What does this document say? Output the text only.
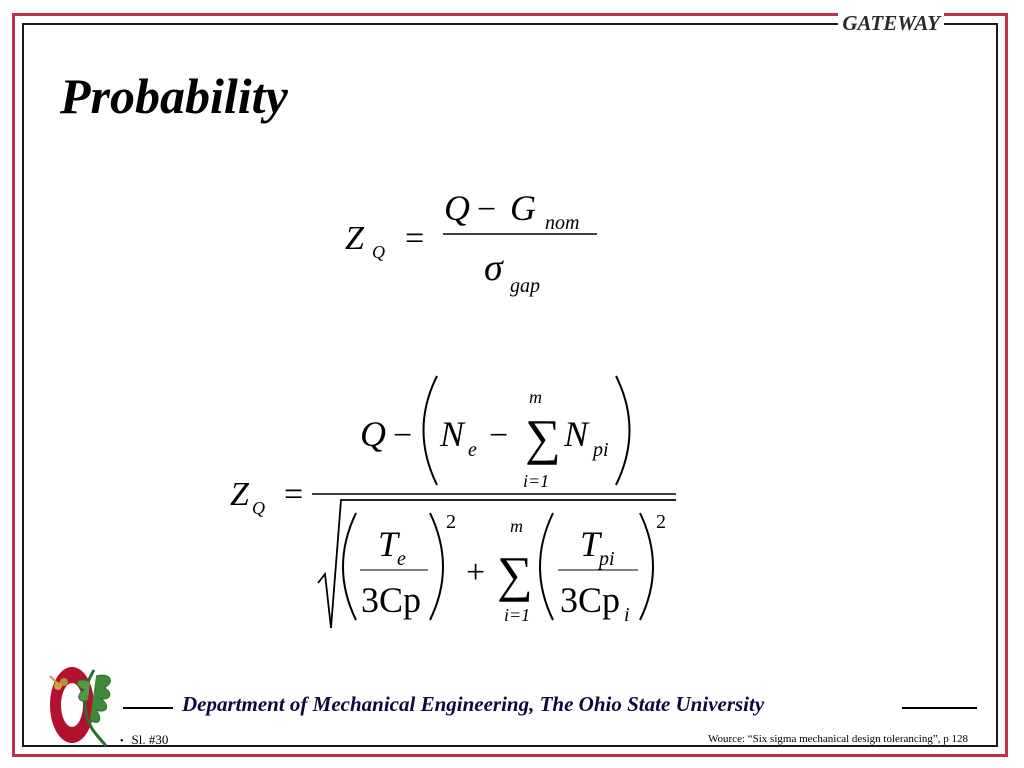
GATEWAY
Probability
Z Q =
Q − G nom
σ gap
Z Q =
Q − N e − ∑
m
i=1
N pi
T
e
3Cp
2
+ ∑
m
i=1
T
pi
3Cp i
2
O
Department of Mechanical Engineering, The Ohio State University
• Sl. #30	Wource: “Six sigma mechanical design tolerancing”, p 128
